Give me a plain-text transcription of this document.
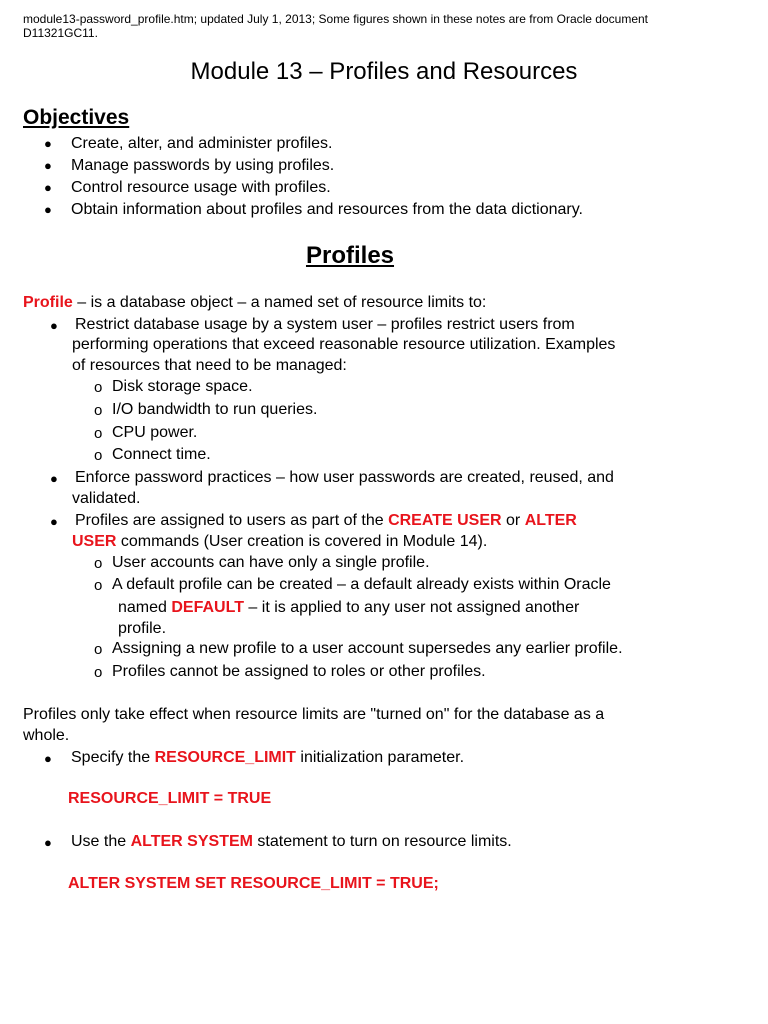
module13-password_profile.htm; updated July 1, 2013; Some figures shown in these notes are from Oracle document
D11321GC11.
Module 13 – Profiles and Resources
Objectives
● Create, alter, and administer profiles.
● Manage passwords by using profiles.
● Control resource usage with profiles.
● Obtain information about profiles and resources from the data dictionary.
Profiles
Profile – is a database object – a named set of resource limits to:
● Restrict database usage by a system user – profiles restrict users from
performing operations that exceed reasonable resource utilization. Examples
of resources that need to be managed:
o Disk storage space.
o I/O bandwidth to run queries.
o CPU power.
o Connect time.
● Enforce password practices – how user passwords are created, reused, and
validated.
● Profiles are assigned to users as part of the CREATE USER or ALTER
USER commands (User creation is covered in Module 14).
o User accounts can have only a single profile.
o A default profile can be created – a default already exists within Oracle
named DEFAULT – it is applied to any user not assigned another
profile.
o Assigning a new profile to a user account supersedes any earlier profile.
o Profiles cannot be assigned to roles or other profiles.
Profiles only take effect when resource limits are "turned on" for the database as a
whole.
● Specify the RESOURCE_LIMIT initialization parameter.
RESOURCE_LIMIT = TRUE
● Use the ALTER SYSTEM statement to turn on resource limits.
ALTER SYSTEM SET RESOURCE_LIMIT = TRUE;
